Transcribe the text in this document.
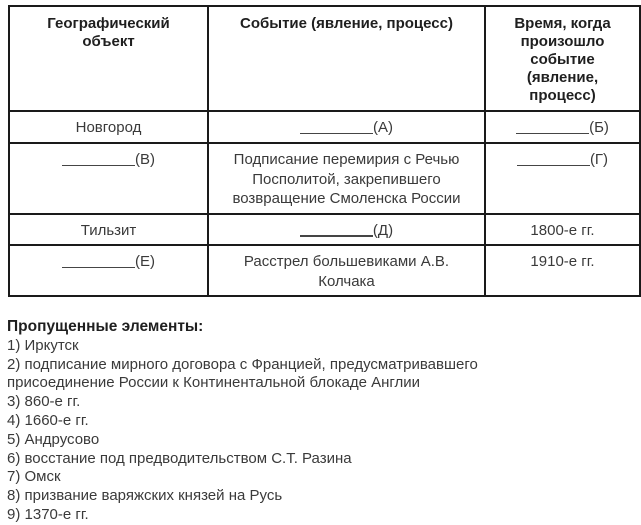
Географический объект	Событие (явление, процесс)	Время, когда произошло событие (явление, процесс)
Новгород	(А)	(Б)
(В)	Подписание перемирия с Речью Посполитой, закрепившего возвращение Смоленска России	(Г)
Тильзит	(Д)	1800-е гг.
(Е)	Расстрел большевиками А.В. Колчака	1910-е гг.
Пропущенные элементы:
1) Иркутск
2) подписание мирного договора с Францией, предусматривавшего присоединение России к Континентальной блокаде Англии
3) 860-е гг.
4) 1660-е гг.
5) Андрусово
6) восстание под предводительством С.Т. Разина
7) Омск
8) призвание варяжских князей на Русь
9) 1370-е гг.
